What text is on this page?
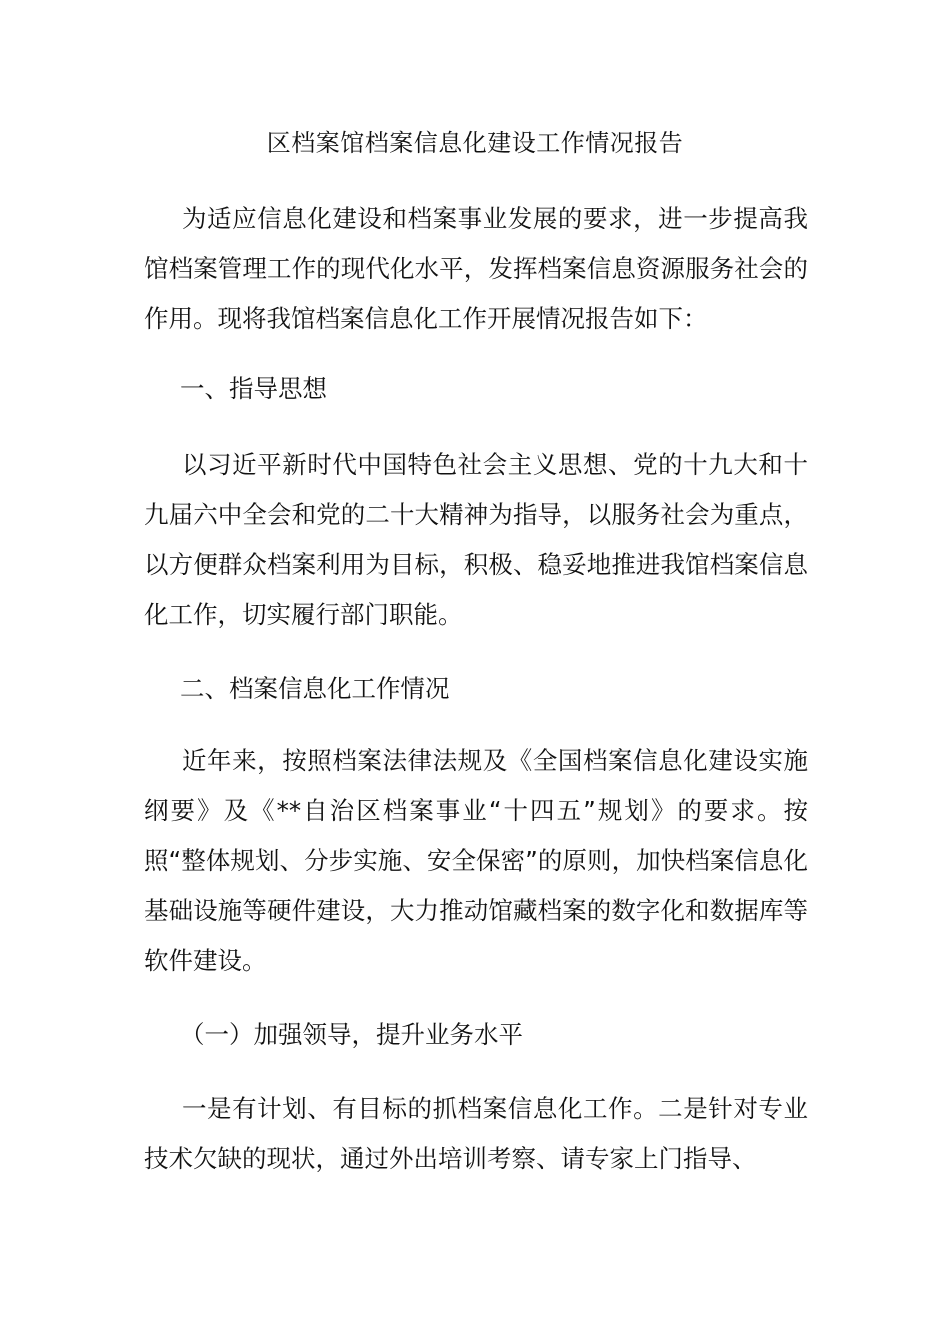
区档案馆档案信息化建设工作情况报告

为适应信息化建设和档案事业发展的要求，进一步提高我馆档案管理工作的现代化水平，发挥档案信息资源服务社会的作用。现将我馆档案信息化工作开展情况报告如下：

一、指导思想

以习近平新时代中国特色社会主义思想、党的十九大和十九届六中全会和党的二十大精神为指导，以服务社会为重点，以方便群众档案利用为目标，积极、稳妥地推进我馆档案信息化工作，切实履行部门职能。

二、档案信息化工作情况

近年来，按照档案法律法规及《全国档案信息化建设实施纲要》及《**自治区档案事业“十四五”规划》的要求。按照“整体规划、分步实施、安全保密”的原则，加快档案信息化基础设施等硬件建设，大力推动馆藏档案的数字化和数据库等软件建设。

（一）加强领导，提升业务水平

一是有计划、有目标的抓档案信息化工作。二是针对专业技术欠缺的现状，通过外出培训考察、请专家上门指导、
